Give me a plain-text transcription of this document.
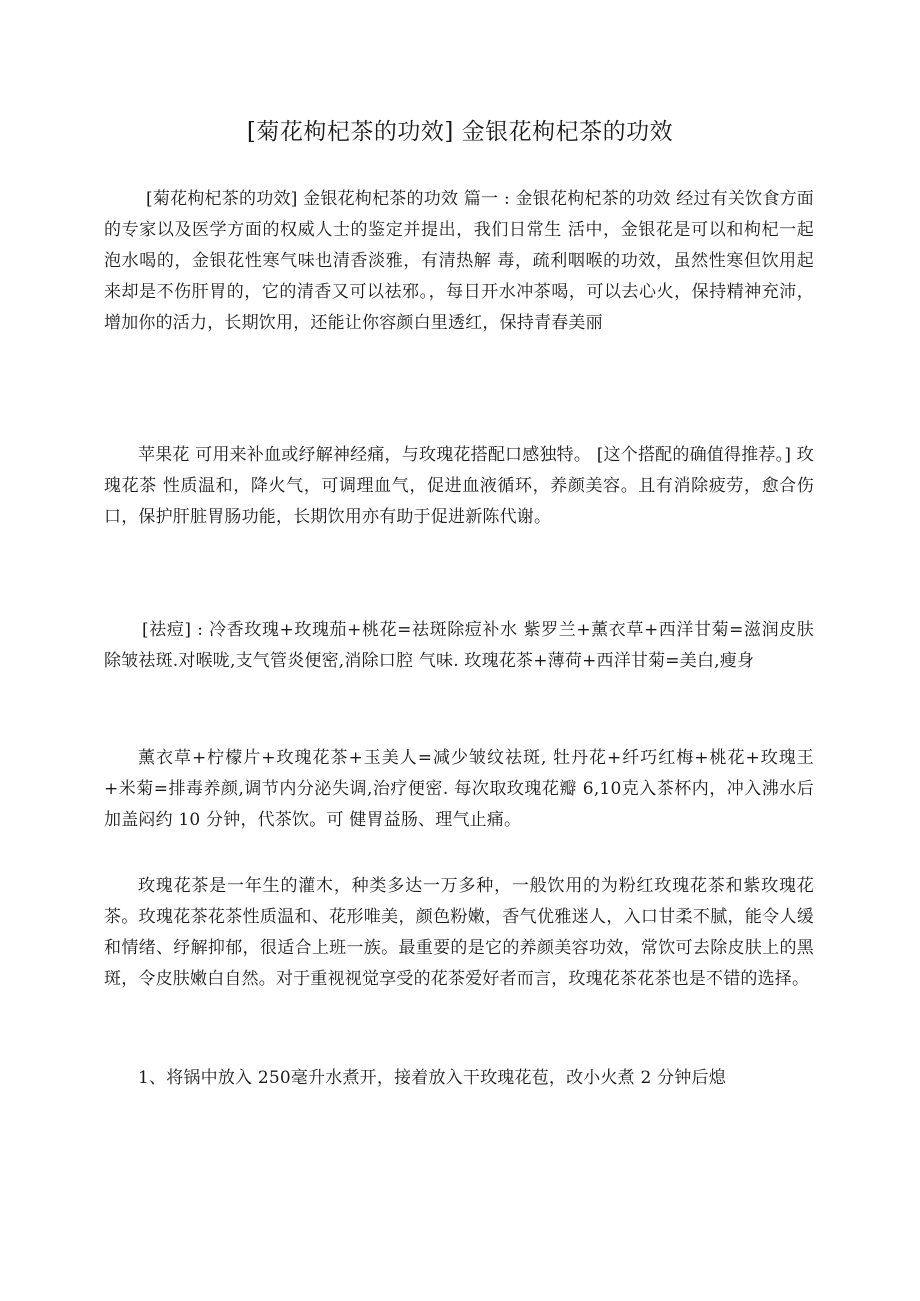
[菊花枸杞茶的功效] 金银花枸杞茶的功效

[菊花枸杞茶的功效] 金银花枸杞茶的功效 篇一 : 金银花枸杞茶的功效 经过有关饮食方面的专家以及医学方面的权威人士的鉴定并提出，我们日常生 活中，金银花是可以和枸杞一起泡水喝的，金银花性寒气味也清香淡雅，有清热解 毒，疏利咽喉的功效，虽然性寒但饮用起来却是不伤肝胃的，它的清香又可以祛邪。，每日开水冲茶喝，可以去心火，保持精神充沛，增加你的活力，长期饮用，还能让你容颜白里透红，保持青春美丽

苹果花 可用来补血或纾解神经痛，与玫瑰花搭配口感独特。 [这个搭配的确值得推荐。] 玫瑰花茶 性质温和，降火气，可调理血气，促进血液循环，养颜美容。且有消除疲劳，愈合伤口，保护肝脏胃肠功能，长期饮用亦有助于促进新陈代谢。

[祛痘] : 冷香玫瑰+玫瑰茄+桃花=祛斑除痘补水 紫罗兰+薰衣草+西洋甘菊=滋润皮肤除皱祛斑.对喉咙,支气管炎便密,消除口腔 气味. 玫瑰花茶+薄荷+西洋甘菊=美白,瘦身

薰衣草+柠檬片+玫瑰花茶+玉美人=减少皱纹祛斑, 牡丹花+纤巧红梅+桃花+玫瑰王+米菊=排毒养颜,调节内分泌失调,治疗便密. 每次取玫瑰花瓣 6,10克入茶杯内，冲入沸水后加盖闷约 10 分钟，代茶饮。可 健胃益肠、理气止痛。

玫瑰花茶是一年生的灌木，种类多达一万多种，一般饮用的为粉红玫瑰花茶和紫玫瑰花茶。玫瑰花茶花茶性质温和、花形唯美，颜色粉嫩，香气优雅迷人，入口甘柔不腻，能令人缓和情绪、纾解抑郁，很适合上班一族。最重要的是它的养颜美容功效，常饮可去除皮肤上的黑斑，令皮肤嫩白自然。对于重视视觉享受的花茶爱好者而言，玫瑰花茶花茶也是不错的选择。

1、将锅中放入 250毫升水煮开，接着放入干玫瑰花苞，改小火煮 2 分钟后熄
